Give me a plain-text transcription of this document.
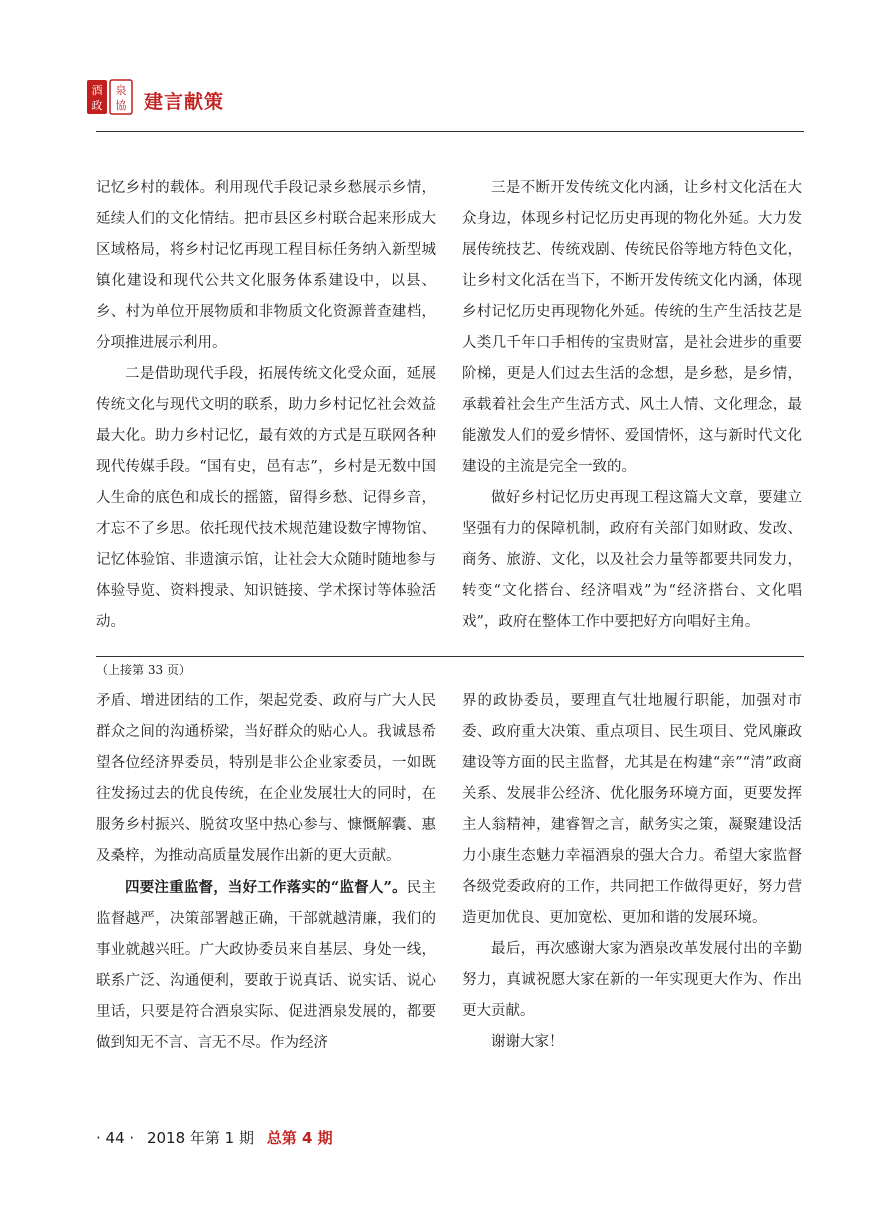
酒
政
泉
協 建言献策

记忆乡村的载体。利用现代手段记录乡愁展示乡情，延续人们的文化情结。把市县区乡村联合起来形成大区域格局，将乡村记忆再现工程目标任务纳入新型城镇化建设和现代公共文化服务体系建设中，以县、乡、村为单位开展物质和非物质文化资源普查建档，分项推进展示利用。

二是借助现代手段，拓展传统文化受众面，延展传统文化与现代文明的联系，助力乡村记忆社会效益最大化。助力乡村记忆，最有效的方式是互联网各种现代传媒手段。“国有史，邑有志”，乡村是无数中国人生命的底色和成长的摇篮，留得乡愁、记得乡音，才忘不了乡思。依托现代技术规范建设数字博物馆、记忆体验馆、非遗演示馆，让社会大众随时随地参与体验导览、资料搜录、知识链接、学术探讨等体验活动。

三是不断开发传统文化内涵，让乡村文化活在大众身边，体现乡村记忆历史再现的物化外延。大力发展传统技艺、传统戏剧、传统民俗等地方特色文化，让乡村文化活在当下，不断开发传统文化内涵，体现乡村记忆历史再现物化外延。传统的生产生活技艺是人类几千年口手相传的宝贵财富，是社会进步的重要阶梯，更是人们过去生活的念想，是乡愁，是乡情，承载着社会生产生活方式、风土人情、文化理念，最能激发人们的爱乡情怀、爱国情怀，这与新时代文化建设的主流是完全一致的。

做好乡村记忆历史再现工程这篇大文章，要建立坚强有力的保障机制，政府有关部门如财政、发改、商务、旅游、文化，以及社会力量等都要共同发力，转变“文化搭台、经济唱戏”为“经济搭台、文化唱戏”，政府在整体工作中要把好方向唱好主角。

（上接第 33 页）

矛盾、增进团结的工作，架起党委、政府与广大人民群众之间的沟通桥梁，当好群众的贴心人。我诚恳希望各位经济界委员，特别是非公企业家委员，一如既往发扬过去的优良传统，在企业发展壮大的同时，在服务乡村振兴、脱贫攻坚中热心参与、慷慨解囊、惠及桑梓，为推动高质量发展作出新的更大贡献。

四要注重监督，当好工作落实的“监督人”。民主监督越严，决策部署越正确，干部就越清廉，我们的事业就越兴旺。广大政协委员来自基层、身处一线，联系广泛、沟通便利，要敢于说真话、说实话、说心里话，只要是符合酒泉实际、促进酒泉发展的，都要做到知无不言、言无不尽。作为经济

界的政协委员，要理直气壮地履行职能，加强对市委、政府重大决策、重点项目、民生项目、党风廉政建设等方面的民主监督，尤其是在构建“亲”“清”政商关系、发展非公经济、优化服务环境方面，更要发挥主人翁精神，建睿智之言，献务实之策，凝聚建设活力小康生态魅力幸福酒泉的强大合力。希望大家监督各级党委政府的工作，共同把工作做得更好，努力营造更加优良、更加宽松、更加和谐的发展环境。

最后，再次感谢大家为酒泉改革发展付出的辛勤努力，真诚祝愿大家在新的一年实现更大作为、作出更大贡献。

谢谢大家！

· 44 · 2018 年第 1 期 总第 4 期
